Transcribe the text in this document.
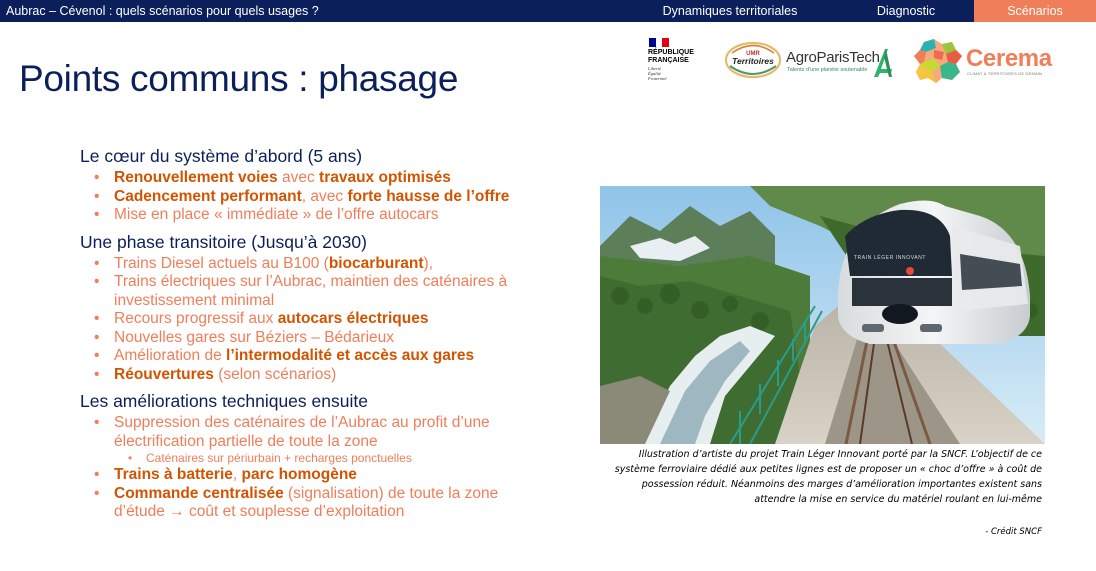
Aubrac – Cévenol : quels scénarios pour quels usages ?	Dynamiques territoriales	Diagnostic	Scénarios
Points communs : phasage
RÉPUBLIQUE
FRANÇAISE
Liberté
Égalité
Fraternité
UMR
Territoires AgroParisTech
Talents d'une planète soutenable	Cerema
CLIMAT & TERRITOIRES DE DEMAIN
Le cœur du système d’abord (5 ans)
• Renouvellement voies avec travaux optimisés
• Cadencement performant, avec forte hausse de l’offre
• Mise en place « immédiate » de l’offre autocars
Une phase transitoire (Jusqu’à 2030)
• Trains Diesel actuels au B100 (biocarburant),
• Trains électriques sur l’Aubrac, maintien des caténaires à investissement minimal
• Recours progressif aux autocars électriques
• Nouvelles gares sur Béziers – Bédarieux
• Amélioration de l’intermodalité et accès aux gares
• Réouvertures (selon scénarios)
Les améliorations techniques ensuite
• Suppression des caténaires de l’Aubrac au profit d’une électrification partielle de toute la zone
• Caténaires sur périurbain + recharges ponctuelles
• Trains à batterie, parc homogène
• Commande centralisée (signalisation) de toute la zone d’étude → coût et souplesse d’exploitation
TRAIN LÉGER INNOVANT
Illustration d’artiste du projet Train Léger Innovant porté par la SNCF. L’objectif de ce système ferroviaire dédié aux petites lignes est de proposer un « choc d’offre » à coût de possession réduit. Néanmoins des marges d’amélioration importantes existent sans attendre la mise en service du matériel roulant en lui-même
- Crédit SNCF
